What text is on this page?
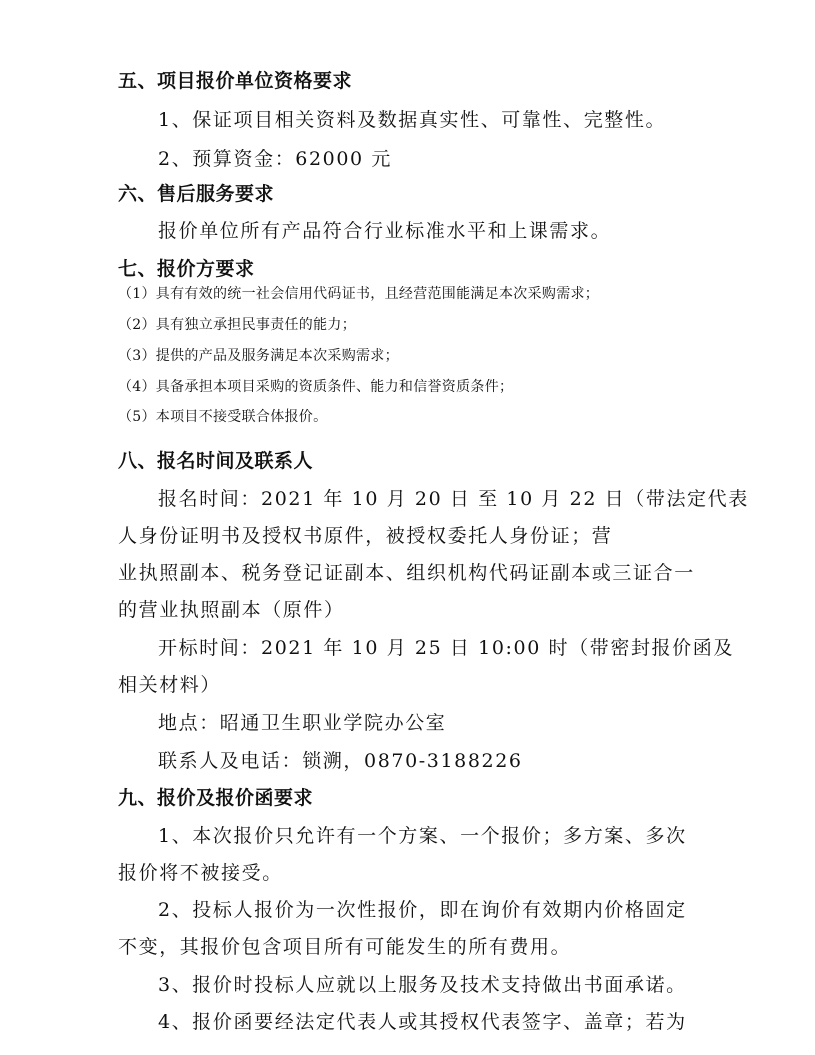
五、项目报价单位资格要求
1、保证项目相关资料及数据真实性、可靠性、完整性。
2、预算资金：62000 元
六、售后服务要求
报价单位所有产品符合行业标准水平和上课需求。
七、报价方要求
（1）具有有效的统一社会信用代码证书，且经营范围能满足本次采购需求；
（2）具有独立承担民事责任的能力；
（3）提供的产品及服务满足本次采购需求；
（4）具备承担本项目采购的资质条件、能力和信誉资质条件；
（5）本项目不接受联合体报价。
八、报名时间及联系人
报名时间：2021 年 10 月 20 日 至 10 月 22 日（带法定代表
人身份证明书及授权书原件，被授权委托人身份证；营
业执照副本、税务登记证副本、组织机构代码证副本或三证合一
的营业执照副本（原件）
开标时间：2021 年 10 月 25 日 10:00 时（带密封报价函及
相关材料）
地点：昭通卫生职业学院办公室
联系人及电话：锁溯，0870-3188226
九、报价及报价函要求
1、本次报价只允许有一个方案、一个报价；多方案、多次
报价将不被接受。
2、投标人报价为一次性报价，即在询价有效期内价格固定
不变，其报价包含项目所有可能发生的所有费用。
3、报价时投标人应就以上服务及技术支持做出书面承诺。
4、报价函要经法定代表人或其授权代表签字、盖章；若为
